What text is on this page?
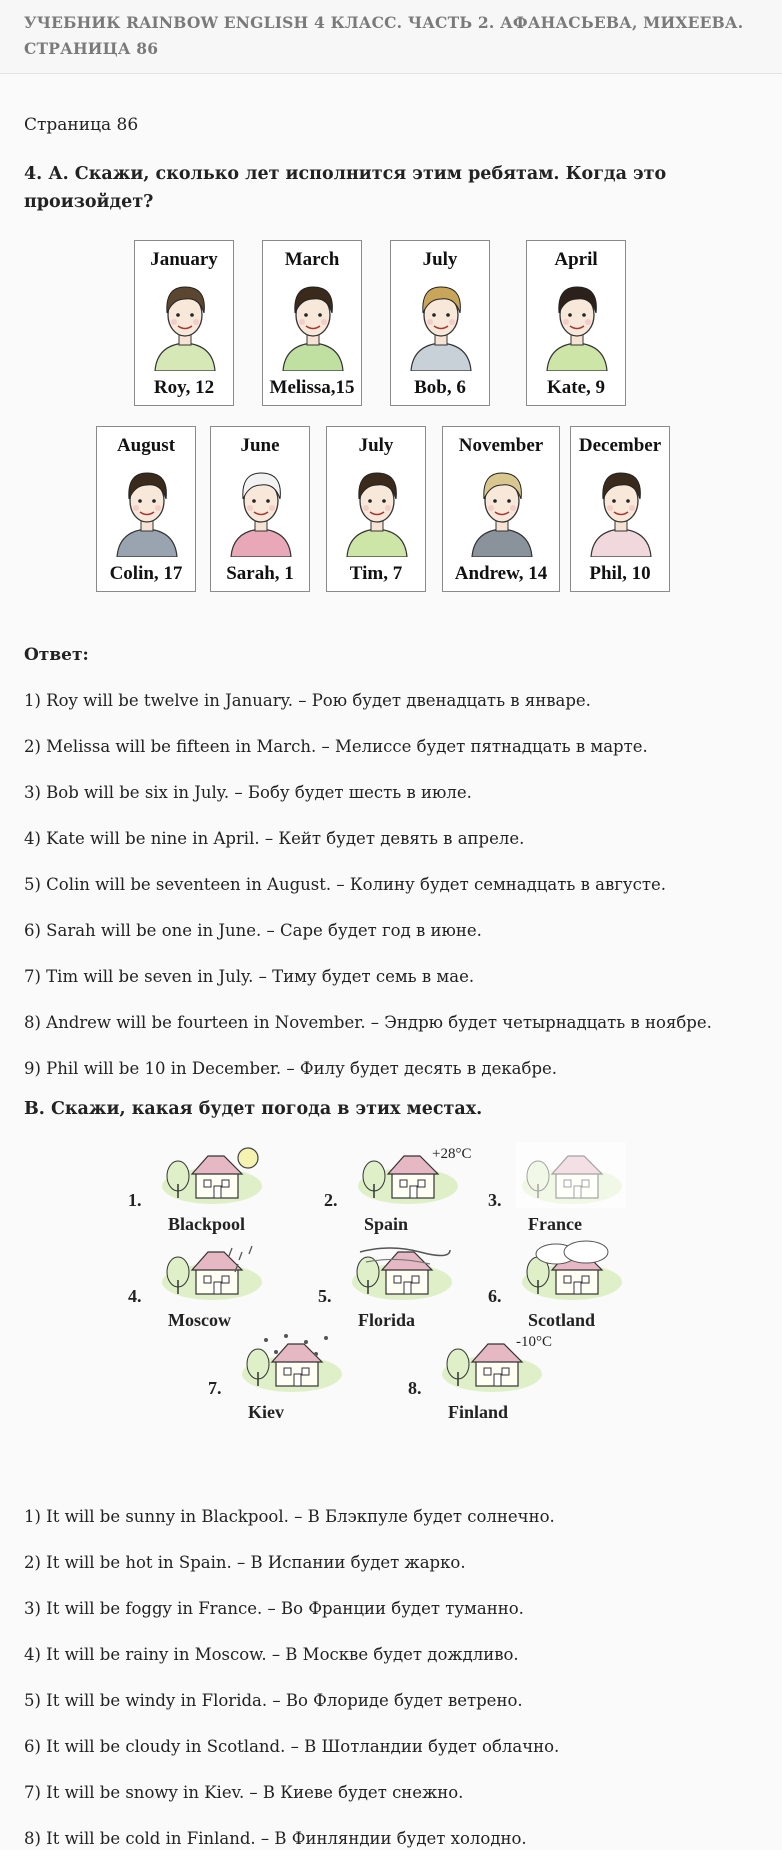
УЧЕБНИК RAINBOW ENGLISH 4 КЛАСС. ЧАСТЬ 2. АФАНАСЬЕВА, МИХЕЕВА.
СТРАНИЦА 86
Страница 86
4. А. Скажи, сколько лет исполнится этим ребятам. Когда это произойдет?
January
Roy, 12
March
Melissa,15
July
Bob, 6
April
Kate, 9
August
Colin, 17
June
Sarah, 1
July
Tim, 7
November
Andrew, 14
December
Phil, 10
Ответ:
1) Roy will be twelve in January. – Рою будет двенадцать в январе.
2) Melissa will be fifteen in March. – Мелиссе будет пятнадцать в марте.
3) Bob will be six in July. – Бобу будет шесть в июле.
4) Kate will be nine in April. – Кейт будет девять в апреле.
5) Colin will be seventeen in August. – Колину будет семнадцать в августе.
6) Sarah will be one in June. – Саре будет год в июне.
7) Tim will be seven in July. – Тиму будет семь в мае.
8) Andrew will be fourteen in November. – Эндрю будет четырнадцать в ноябре.
9) Phil will be 10 in December. – Филу будет десять в декабре.
В. Скажи, какая будет погода в этих местах.
1.
Blackpool
2.
Spain
+28°C
3.
France
4.
Moscow
5.
Florida
6.
Scotland
7.
Kiev
8.
Finland
-10°C
1) It will be sunny in Blackpool. – В Блэкпуле будет солнечно.
2) It will be hot in Spain. – В Испании будет жарко.
3) It will be foggy in France. – Во Франции будет туманно.
4) It will be rainy in Moscow. – В Москве будет дождливо.
5) It will be windy in Florida. – Во Флориде будет ветрено.
6) It will be cloudy in Scotland. – В Шотландии будет облачно.
7) It will be snowy in Kiev. – В Киеве будет снежно.
8) It will be cold in Finland. – В Финляндии будет холодно.
